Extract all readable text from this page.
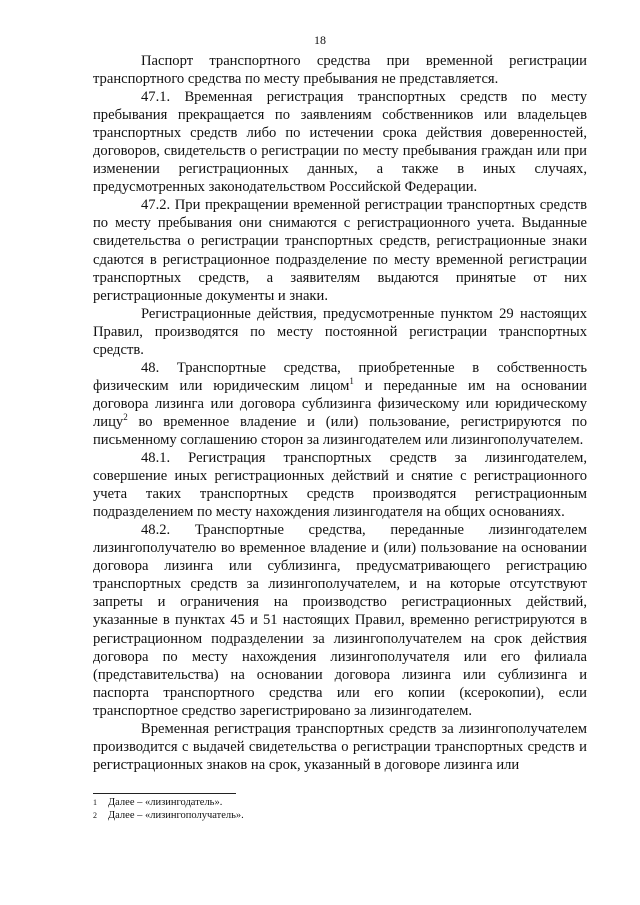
18

Паспорт транспортного средства при временной регистрации транспортного средства по месту пребывания не представляется.

47.1. Временная регистрация транспортных средств по месту пребывания прекращается по заявлениям собственников или владельцев транспортных средств либо по истечении срока действия доверенностей, договоров, свидетельств о регистрации по месту пребывания граждан или при изменении регистрационных данных, а также в иных случаях, предусмотренных законодательством Российской Федерации.

47.2. При прекращении временной регистрации транспортных средств по месту пребывания они снимаются с регистрационного учета. Выданные свидетельства о регистрации транспортных средств, регистрационные знаки сдаются в регистрационное подразделение по месту временной регистрации транспортных средств, а заявителям выдаются принятые от них регистрационные документы и знаки.

Регистрационные действия, предусмотренные пунктом 29 настоящих Правил, производятся по месту постоянной регистрации транспортных средств.

48. Транспортные средства, приобретенные в собственность физическим или юридическим лицом$^1$ и переданные им на основании договора лизинга или договора сублизинга физическому или юридическому лицу$^2$ во временное владение и (или) пользование, регистрируются по письменному соглашению сторон за лизингодателем или лизингополучателем.

48.1. Регистрация транспортных средств за лизингодателем, совершение иных регистрационных действий и снятие с регистрационного учета таких транспортных средств производятся регистрационным подразделением по месту нахождения лизингодателя на общих основаниях.

48.2. Транспортные средства, переданные лизингодателем лизингополучателю во временное владение и (или) пользование на основании договора лизинга или сублизинга, предусматривающего регистрацию транспортных средств за лизингополучателем, и на которые отсутствуют запреты и ограничения на производство регистрационных действий, указанные в пунктах 45 и 51 настоящих Правил, временно регистрируются в регистрационном подразделении за лизингополучателем на срок действия договора по месту нахождения лизингополучателя или его филиала (представительства) на основании договора лизинга или сублизинга и паспорта транспортного средства или его копии (ксерокопии), если транспортное средство зарегистрировано за лизингодателем.

Временная регистрация транспортных средств за лизингополучателем производится с выдачей свидетельства о регистрации транспортных средств и регистрационных знаков на срок, указанный в договоре лизинга или

1	Далее – «лизингодатель».

2	Далее – «лизингополучатель».
